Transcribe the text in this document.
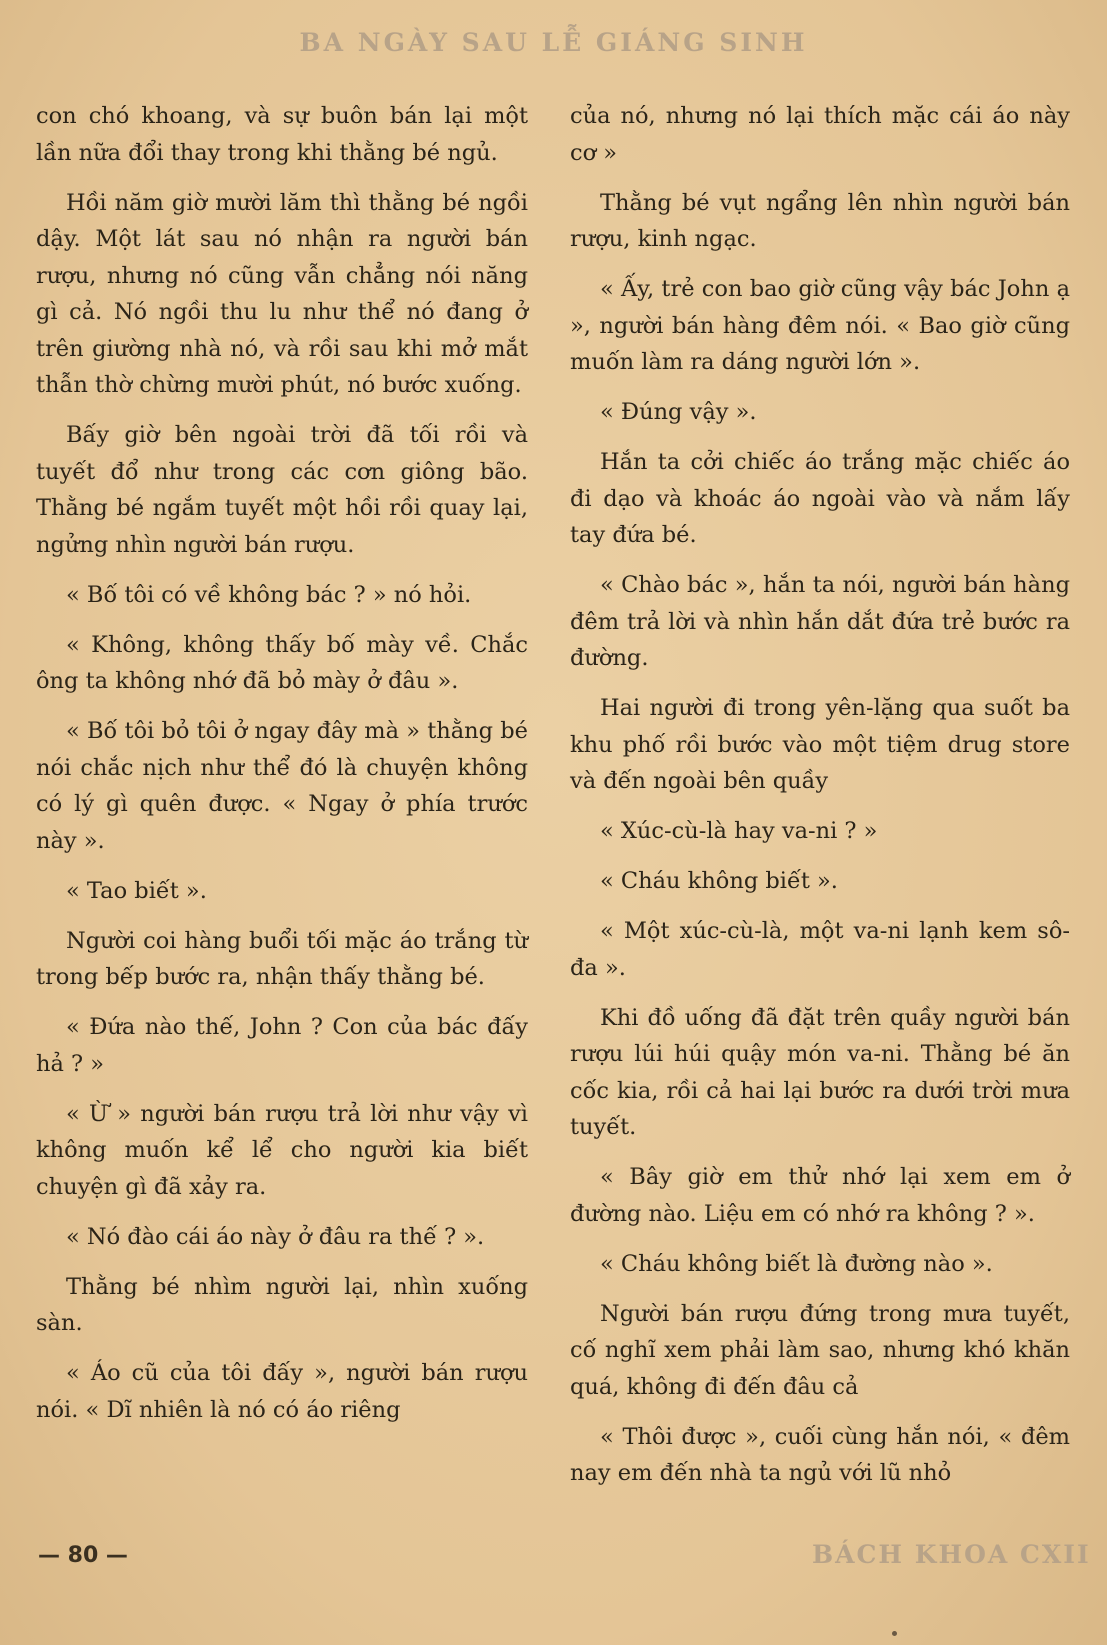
BA NGÀY SAU LỄ GIÁNG SINH

con chó khoang, và sự buôn bán lại một lần nữa đổi thay trong khi thằng bé ngủ.

Hồi năm giờ mười lăm thì thằng bé ngồi dậy. Một lát sau nó nhận ra người bán rượu, nhưng nó cũng vẫn chẳng nói năng gì cả. Nó ngồi thu lu như thể nó đang ở trên giường nhà nó, và rồi sau khi mở mắt thẫn thờ chừng mười phút, nó bước xuống.

Bấy giờ bên ngoài trời đã tối rồi và tuyết đổ như trong các cơn giông bão. Thằng bé ngắm tuyết một hồi rồi quay lại, ngửng nhìn người bán rượu.

« Bố tôi có về không bác ? » nó hỏi.

« Không, không thấy bố mày về. Chắc ông ta không nhớ đã bỏ mày ở đâu ».

« Bố tôi bỏ tôi ở ngay đây mà » thằng bé nói chắc nịch như thể đó là chuyện không có lý gì quên được. « Ngay ở phía trước này ».

« Tao biết ».

Người coi hàng buổi tối mặc áo trắng từ trong bếp bước ra, nhận thấy thằng bé.

« Đứa nào thế, John ? Con của bác đấy hả ? »

« Ừ » người bán rượu trả lời như vậy vì không muốn kể lể cho người kia biết chuyện gì đã xảy ra.

« Nó đào cái áo này ở đâu ra thế ? ».

Thằng bé nhìm người lại, nhìn xuống sàn.

« Áo cũ của tôi đấy », người bán rượu nói. « Dĩ nhiên là nó có áo riêng

của nó, nhưng nó lại thích mặc cái áo này cơ »

Thằng bé vụt ngẩng lên nhìn người bán rượu, kinh ngạc.

« Ấy, trẻ con bao giờ cũng vậy bác John ạ », người bán hàng đêm nói. « Bao giờ cũng muốn làm ra dáng người lớn ».

« Đúng vậy ».

Hắn ta cởi chiếc áo trắng mặc chiếc áo đi dạo và khoác áo ngoài vào và nắm lấy tay đứa bé.

« Chào bác », hắn ta nói, người bán hàng đêm trả lời và nhìn hắn dắt đứa trẻ bước ra đường.

Hai người đi trong yên-lặng qua suốt ba khu phố rồi bước vào một tiệm drug store và đến ngoài bên quầy

« Xúc-cù-là hay va-ni ? »

« Cháu không biết ».

« Một xúc-cù-là, một va-ni lạnh kem sô-đa ».

Khi đồ uống đã đặt trên quầy người bán rượu lúi húi quậy món va-ni. Thằng bé ăn cốc kia, rồi cả hai lại bước ra dưới trời mưa tuyết.

« Bây giờ em thử nhớ lại xem em ở đường nào. Liệu em có nhớ ra không ? ».

« Cháu không biết là đường nào ».

Người bán rượu đứng trong mưa tuyết, cố nghĩ xem phải làm sao, nhưng khó khăn quá, không đi đến đâu cả

« Thôi được », cuối cùng hắn nói, « đêm nay em đến nhà ta ngủ với lũ nhỏ

— 80 —	BÁCH KHOA CXII
